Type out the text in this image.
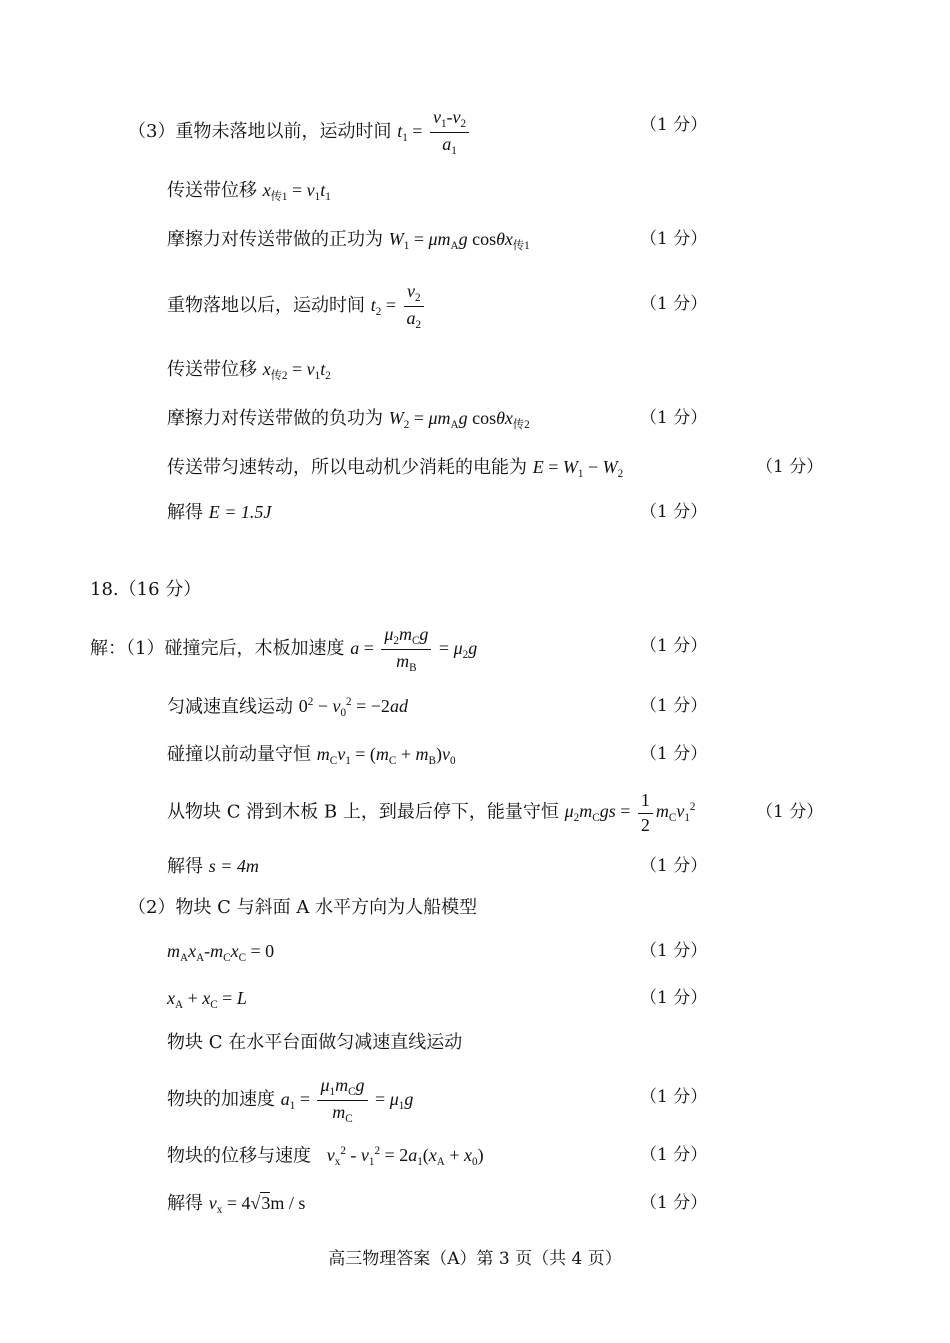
（3）重物未落地以前，运动时间 $t_1 = \frac{v_1-v_2}{a_1}$	（1 分）
传送带位移 $x_{传1} = v_1t_1$
摩擦力对传送带做的正功为 $W_1 = \mu m_Ag$ cosθx$_{传1}$	（1 分）
重物落地以后，运动时间 $t_2 = \frac{v_2}{a_2}$	（1 分）
传送带位移 $x_{传2} = v_1t_2$
摩擦力对传送带做的负功为 $W_2 = \mu m_Ag$ cosθx$_{传2}$	（1 分）
传送带匀速转动，所以电动机少消耗的电能为 $E = W_1 - W_2$	（1 分）
解得 E = 1.5J	（1 分）
18.（16 分）
解：（1）碰撞完后，木板加速度 $a = \frac{\mu_2m_Cg}{m_B} = \mu_2g$	（1 分）
匀减速直线运动 $0^2 - v_0^2 = -2ad$	（1 分）
碰撞以前动量守恒 $m_Cv_1 = (m_C + m_B)v_0$	（1 分）
从物块 C 滑到木板 B 上，到最后停下，能量守恒 $\mu_2m_Cgs = \frac{1}{2} m_Cv_1^2$	（1 分）
解得 s = 4m	（1 分）
（2）物块 C 与斜面 A 水平方向为人船模型
$m_Ax_A-m_Cx_C = 0$	（1 分）
$x_A + x_C = L$	（1 分）
物块 C 在水平台面做匀减速直线运动
物块的加速度 $a_1 = \frac{\mu_1m_Cg}{m_C} = \mu_1g$	（1 分）
物块的位移与速度 $v_x^2 - v_1^2 = 2a_1(x_A + x_0)$	（1 分）
解得 $v_x = 4√3m / s$	（1 分）
高三物理答案（A）第 3 页（共 4 页）
